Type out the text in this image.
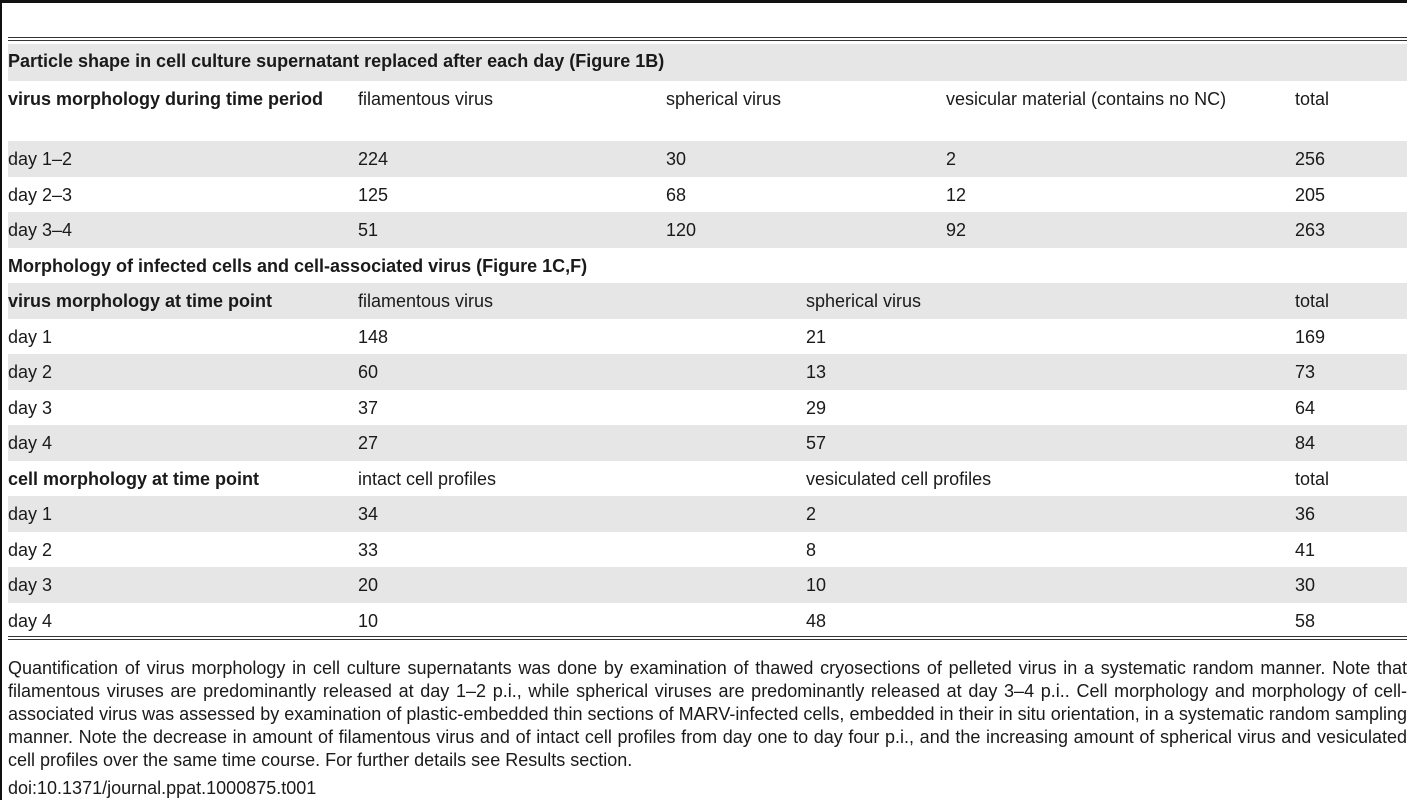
Particle shape in cell culture supernatant replaced after each day (Figure 1B)					
virus morphology during time period	filamentous virus	spherical virus		vesicular material (contains no NC)	total
day 1–2	224	30		2	256
day 2–3	125	68		12	205
day 3–4	51	120		92	263
Morphology of infected cells and cell-associated virus (Figure 1C,F)					
virus morphology at time point	filamentous virus		spherical virus		total
day 1	148		21		169
day 2	60		13		73
day 3	37		29		64
day 4	27		57		84
cell morphology at time point	intact cell profiles		vesiculated cell profiles		total
day 1	34		2		36
day 2	33		8		41
day 3	20		10		30
day 4	10		48		58
Quantification of virus morphology in cell culture supernatants was done by examination of thawed cryosections of pelleted virus in a systematic random manner. Note that filamentous viruses are predominantly released at day 1–2 p.i., while spherical viruses are predominantly released at day 3–4 p.i.. Cell morphology and morphology of cell-associated virus was assessed by examination of plastic-embedded thin sections of MARV-infected cells, embedded in their in situ orientation, in a systematic random sampling manner. Note the decrease in amount of filamentous virus and of intact cell profiles from day one to day four p.i., and the increasing amount of spherical virus and vesiculated cell profiles over the same time course. For further details see Results section.
doi:10.1371/journal.ppat.1000875.t001
